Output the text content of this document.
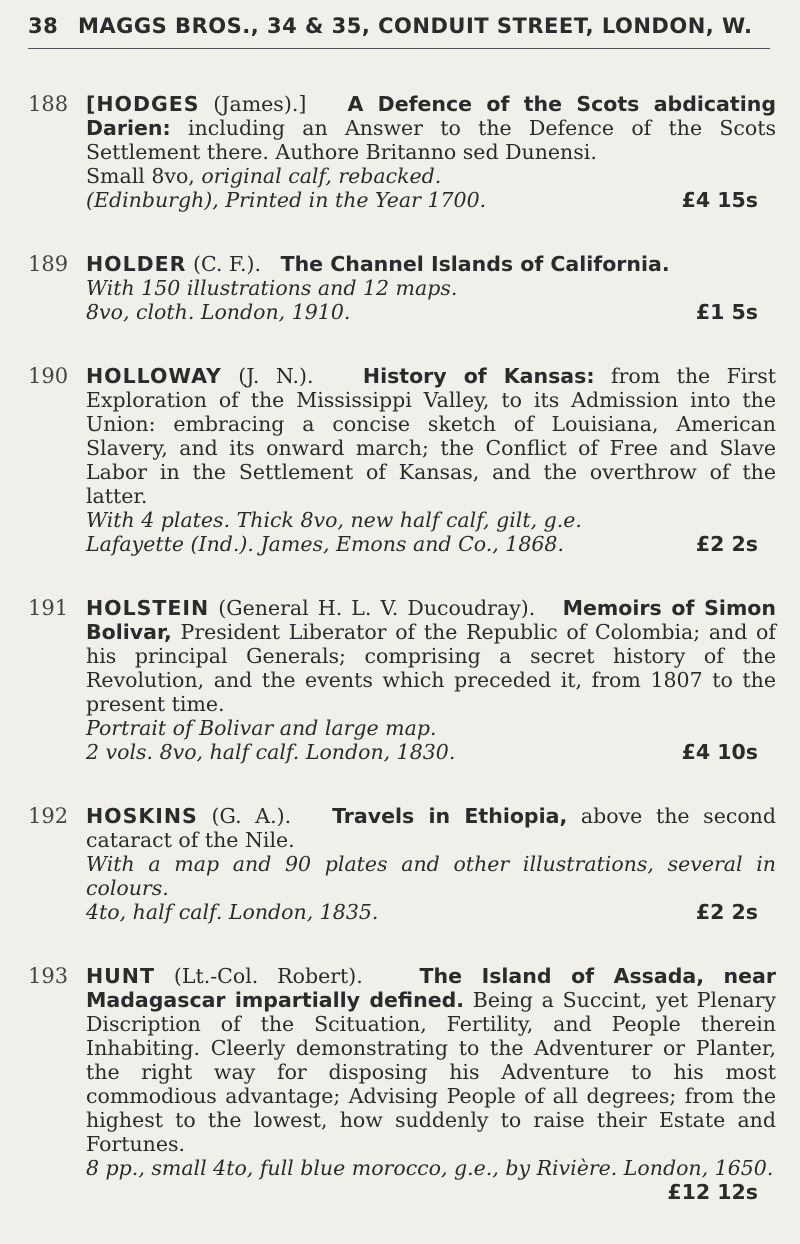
38 MAGGS BROS., 34 & 35, CONDUIT STREET, LONDON, W.
188 [HODGES (James).] A Defence of the Scots abdicating Darien: including an Answer to the Defence of the Scots Settlement there. Authore Britanno sed Dunensi.

Small 8vo, original calf, rebacked.

(Edinburgh), Printed in the Year 1700.	£4 15s
189 HOLDER (C. F.). The Channel Islands of California.

With 150 illustrations and 12 maps.

8vo, cloth. London, 1910.	£1 5s
190 HOLLOWAY (J. N.). History of Kansas: from the First Exploration of the Mississippi Valley, to its Admission into the Union: embracing a concise sketch of Louisiana, American Slavery, and its onward march; the Conflict of Free and Slave Labor in the Settlement of Kansas, and the overthrow of the latter.

With 4 plates. Thick 8vo, new half calf, gilt, g.e.

Lafayette (Ind.). James, Emons and Co., 1868.	£2 2s
191 HOLSTEIN (General H. L. V. Ducoudray). Memoirs of Simon Bolivar, President Liberator of the Republic of Colombia; and of his principal Generals; comprising a secret history of the Revolution, and the events which preceded it, from 1807 to the present time.

Portrait of Bolivar and large map.

2 vols. 8vo, half calf. London, 1830.	£4 10s
192 HOSKINS (G. A.). Travels in Ethiopia, above the second cataract of the Nile.

With a map and 90 plates and other illustrations, several in colours.

4to, half calf. London, 1835.	£2 2s
193 HUNT (Lt.-Col. Robert).	The Island of Assada, near Madagascar impartially defined. Being a Succint, yet Plenary Discription of the Scituation, Fertility, and People therein Inhabiting. Cleerly demonstrating to the Adventurer or Planter, the right way for disposing his Adventure to his most commodious advantage; Advising People of all degrees; from the highest to the lowest, how suddenly to raise their Estate and Fortunes.

8 pp., small 4to, full blue morocco, g.e., by Rivière. London, 1650.

£12 12s
